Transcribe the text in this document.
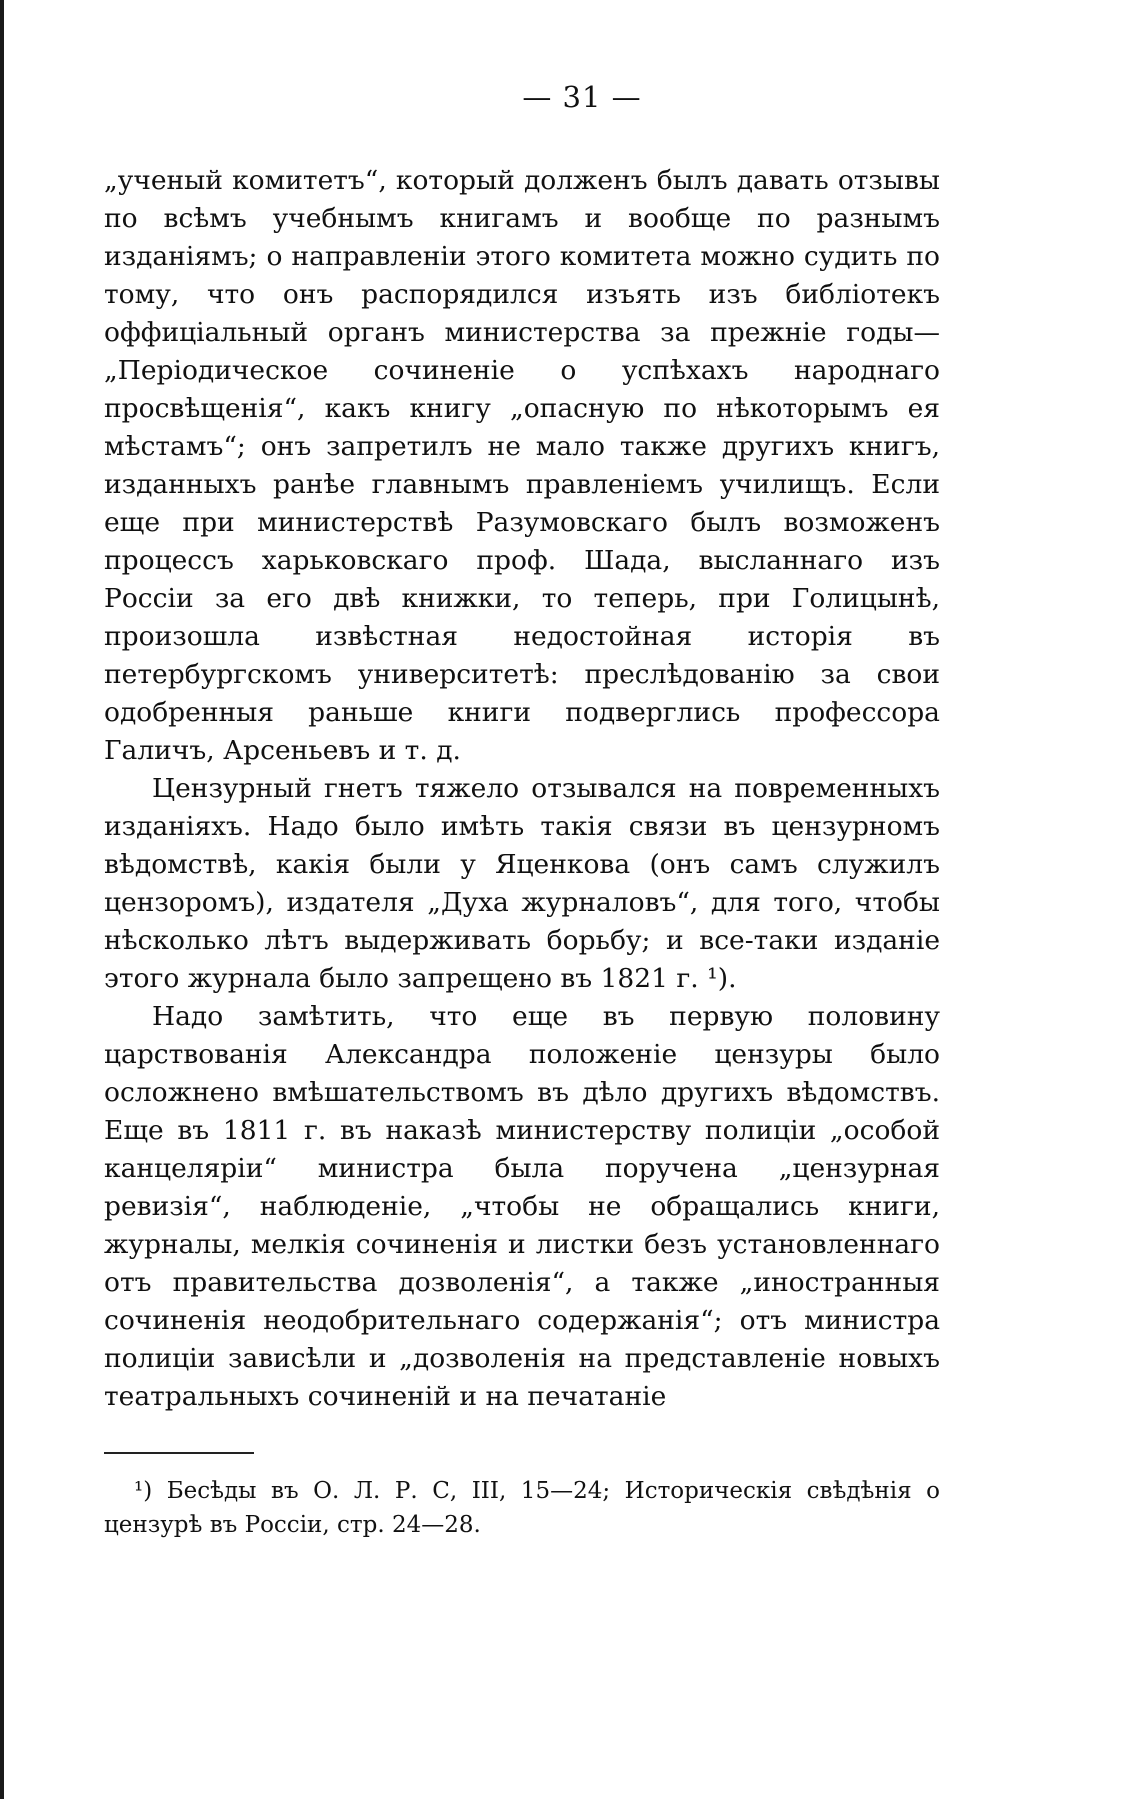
— 31 —

„ученый комитетъ“, который долженъ былъ давать отзывы по всѣмъ учебнымъ книгамъ и вообще по разнымъ изданіямъ; о направленіи этого комитета можно судить по тому, что онъ распорядился изъять изъ библіотекъ оффиціальный органъ министерства за прежніе годы—„Періодическое сочиненіе о успѣхахъ народнаго просвѣщенія“, какъ книгу „опасную по нѣкоторымъ ея мѣстамъ“; онъ запретилъ не мало также другихъ книгъ, изданныхъ ранѣе главнымъ правленіемъ училищъ. Если еще при министерствѣ Разумовскаго былъ возможенъ процессъ харьковскаго проф. Шада, высланнаго изъ Россіи за его двѣ книжки, то теперь, при Голицынѣ, произошла извѣстная недостойная исторія въ петербургскомъ университетѣ: преслѣдованію за свои одобренныя раньше книги подверглись профессора Галичъ, Арсеньевъ и т. д.

Цензурный гнетъ тяжело отзывался на повременныхъ изданіяхъ. Надо было имѣть такія связи въ цензурномъ вѣдомствѣ, какія были у Яценкова (онъ самъ служилъ цензоромъ), издателя „Духа журналовъ“, для того, чтобы нѣсколько лѣтъ выдерживать борьбу; и все-таки изданіе этого журнала было запрещено въ 1821 г. ¹).

Надо замѣтить, что еще въ первую половину царствованія Александра положеніе цензуры было осложнено вмѣшательствомъ въ дѣло другихъ вѣдомствъ. Еще въ 1811 г. въ наказѣ министерству полиціи „особой канцеляріи“ министра была поручена „цензурная ревизія“, наблюденіе, „чтобы не обращались книги, журналы, мелкія сочиненія и листки безъ установленнаго отъ правительства дозволенія“, а также „иностранныя сочиненія неодобрительнаго содержанія“; отъ министра полиціи зависѣли и „дозволенія на представленіе новыхъ театральныхъ сочиненій и на печатаніе

¹) Бесѣды въ О. Л. Р. С, III, 15—24; Историческія свѣдѣнія о цензурѣ въ Россіи, стр. 24—28.
